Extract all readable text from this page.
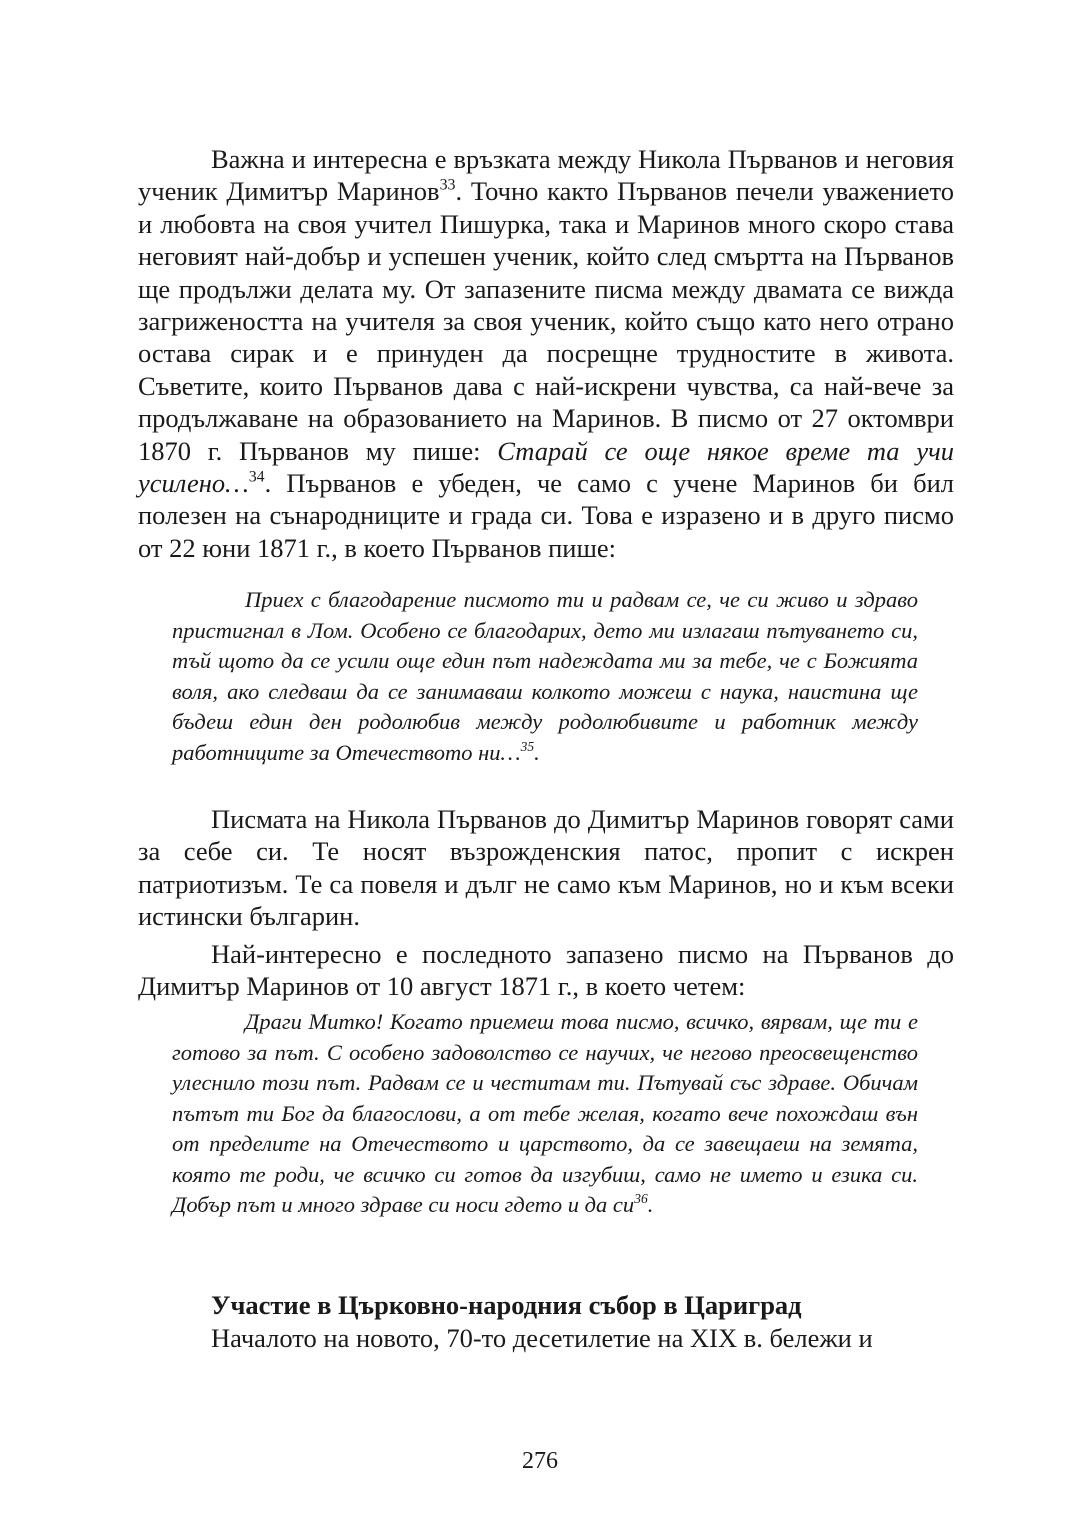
Важна и интересна е връзката между Никола Първанов и неговия ученик Димитър Маринов$^{33}$. Точно както Първанов печели уважението и любовта на своя учител Пишурка, така и Маринов много скоро става неговият най-добър и успешен ученик, който след смъртта на Първанов ще продължи делата му. От запазените писма между двамата се вижда загрижеността на учителя за своя ученик, който също като него отрано остава сирак и е принуден да посрещне трудностите в живота. Съветите, които Първанов дава с най-искрени чувства, са най-вече за продължаване на образованието на Маринов. В писмо от 27 октомври 1870 г. Първанов му пише: Старай се още някое време та учи усилено…$^{34}$. Първанов е убеден, че само с учене Маринов би бил полезен на сънародниците и града си. Това е изразено и в друго писмо от 22 юни 1871 г., в което Първанов пише:

Приех с благодарение писмото ти и радвам се, че си живо и здраво пристигнал в Лом. Особено се благодарих, дето ми излагаш пътуването си, тъй щото да се усили още един път надеждата ми за тебе, че с Божията воля, ако следваш да се занимаваш колкото можеш с наука, наистина ще бъдеш един ден родолюбив между родолюбивите и работник между работниците за Отечеството ни…$^{35}$.

Писмата на Никола Първанов до Димитър Маринов говорят сами за себе си. Те носят възрожденския патос, пропит с искрен патриотизъм. Те са повеля и дълг не само към Маринов, но и към всеки истински българин.

Най-интересно е последното запазено писмо на Първанов до Димитър Маринов от 10 август 1871 г., в което четем:

Драги Митко! Когато приемеш това писмо, всичко, вярвам, ще ти е готово за път. С особено задоволство се научих, че негово преосвещенство улеснило този път. Радвам се и честитам ти. Пътувай със здраве. Обичам пътът ти Бог да благослови, а от тебе желая, когато вече похождаш вън от пределите на Отечеството и царството, да се завещаеш на земята, която те роди, че всичко си готов да изгубиш, само не името и езика си. Добър път и много здраве си носи гдето и да $си^{36}$.

Участие в Църковно-народния събор в Цариград

Началото на новото, 70-то десетилетие на XIX в. бележи и

276
